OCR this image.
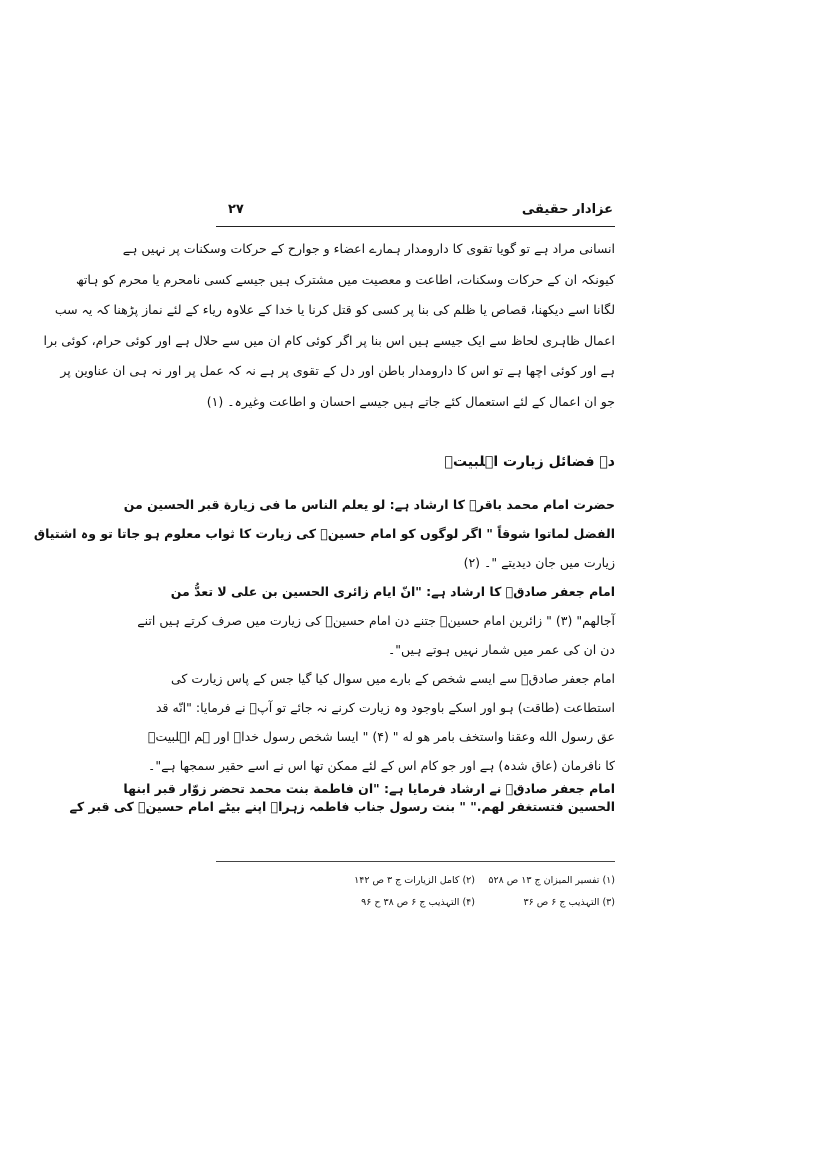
عزادار حقیقی
۲۷
انسانی مراد ہے تو گویا تقوی کا دارومدار ہمارے اعضاء و جوارح کے حرکات وسکنات پر نہیں ہے
کیونکہ ان کے حرکات وسکنات، اطاعت و معصیت میں مشترک ہیں جیسے کسی نامحرم یا محرم کو ہاتھ
لگانا اسے دیکھنا، قصاص یا ظلم کی بنا پر کسی کو قتل کرنا یا خدا کے علاوہ ریاء کے لئے نماز پڑھنا کہ یہ سب
اعمال ظاہری لحاظ سے ایک جیسے ہیں اس بنا پر اگر کوئی کام ان میں سے حلال ہے اور کوئی حرام، کوئی برا
ہے اور کوئی اچھا ہے تو اس کا دارومدار باطن اور دل کے تقوی پر ہے نہ کہ عمل پر اور نہ ہی ان عناوین پر
جو ان اعمال کے لئے استعمال کئے جاتے ہیں جیسے احسان و اطاعت وغیرہ۔ (۱)
د۔ فضائل زیارت اہلبیتؑ
حضرت امام محمد باقرؑ کا ارشاد ہے: لو یعلم الناس ما فی زیارة قبر الحسین من
الفضل لماتوا شوقاً " اگر لوگوں کو امام حسینؑ کی زیارت کا ثواب معلوم ہو جاتا تو وہ اشتیاق
زیارت میں جان دیدیتے "۔ (۲)
امام جعفر صادقؑ کا ارشاد ہے: "انّ ایام زائری الحسین بن علی لا تعدُّ من
آجالهم" (۳) " زائرین امام حسینؑ جتنے دن امام حسینؑ کی زیارت میں صرف کرتے ہیں اتنے
دن ان کی عمر میں شمار نہیں ہوتے ہیں"۔
امام جعفر صادقؑ سے ایسے شخص کے بارے میں سوال کیا گیا جس کے پاس زیارت کی
استطاعت (طاقت) ہو اور اسکے باوجود وہ زیارت کرنے نہ جائے تو آپؑ نے فرمایا: "انّه قد
عق رسول الله وعقنا واستخف بامر هو له " (۴) " ایسا شخص رسول خداؐ اور ہم اہلبیتؑ
کا نافرمان (عاق شدہ) ہے اور جو کام اس کے لئے ممکن تھا اس نے اسے حقیر سمجھا ہے"۔
امام جعفر صادقؑ نے ارشاد فرمایا ہے: "ان فاطمة بنت محمد تحضر زوّار قبر ابنها
الحسین فتستغفر لهم." " بنت رسول جناب فاطمہ زہراؑ اپنے بیٹے امام حسینؑ کی قبر کے
(۱) تفسیر المیزان ج ۱۳ ص ۵۲۸
(۲) کامل الزیارات ج ۳ ص ۱۴۲
(۳) التہذیب ج ۶ ص ۳۶
(۴) التہذیب ج ۶ ص ۳۸ ح ۹۶
